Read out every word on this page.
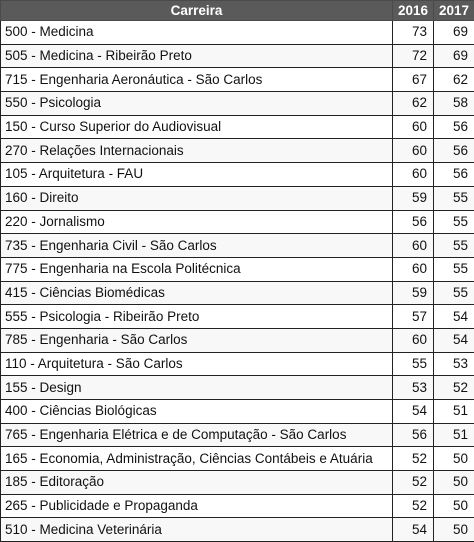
Carreira	2016	2017
500 - Medicina	73	69
505 - Medicina - Ribeirão Preto	72	69
715 - Engenharia Aeronáutica - São Carlos	67	62
550 - Psicologia	62	58
150 - Curso Superior do Audiovisual	60	56
270 - Relações Internacionais	60	56
105 - Arquitetura - FAU	60	56
160 - Direito	59	55
220 - Jornalismo	56	55
735 - Engenharia Civil - São Carlos	60	55
775 - Engenharia na Escola Politécnica	60	55
415 - Ciências Biomédicas	59	55
555 - Psicologia - Ribeirão Preto	57	54
785 - Engenharia - São Carlos	60	54
110 - Arquitetura - São Carlos	55	53
155 - Design	53	52
400 - Ciências Biológicas	54	51
765 - Engenharia Elétrica e de Computação - São Carlos	56	51
165 - Economia, Administração, Ciências Contábeis e Atuária	52	50
185 - Editoração	52	50
265 - Publicidade e Propaganda	52	50
510 - Medicina Veterinária	54	50
